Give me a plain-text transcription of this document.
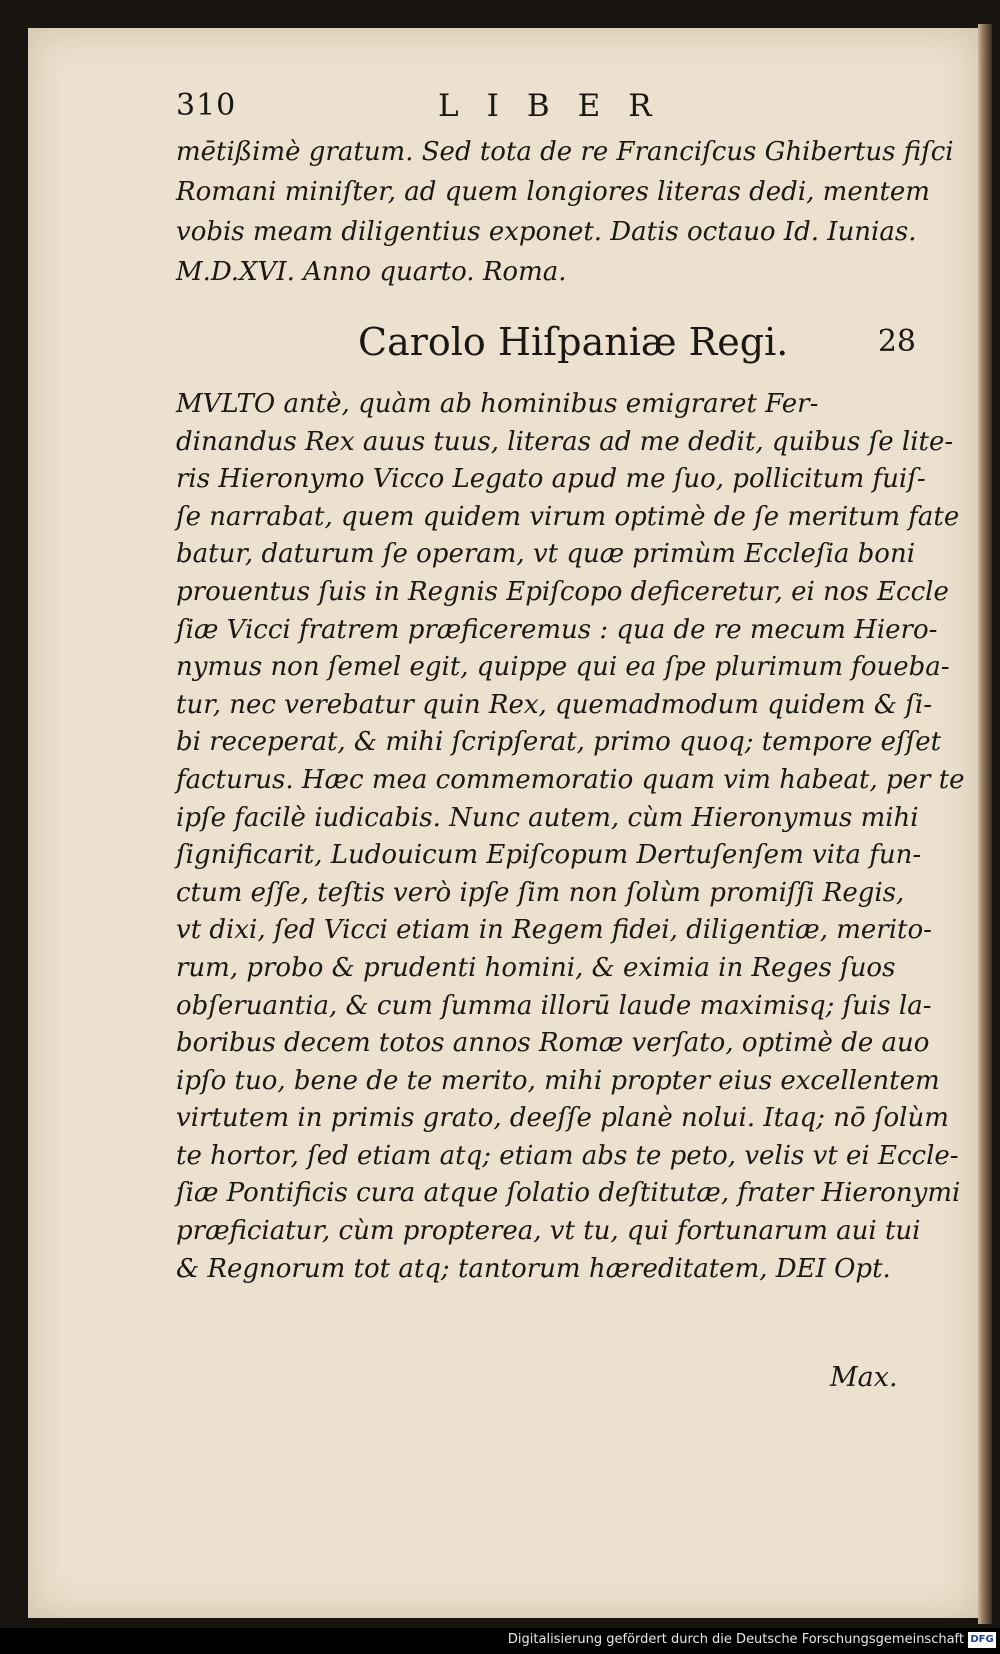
310	LIBER
mētißimè gratum. Sed tota de re Franciſcus Ghibertus fiſci
Romani miniſter, ad quem longiores literas dedi, mentem
vobis meam diligentius exponet. Datis octauo Id. Iunias.
M.D.XVI. Anno quarto. Roma.
Carolo Hiſpaniæ Regi.	28
MVLTO antè, quàm ab hominibus emigraret Fer-
dinandus Rex auus tuus, literas ad me dedit, quibus ſe lite-
ris Hieronymo Vicco Legato apud me ſuo, pollicitum fuiſ-
ſe narrabat, quem quidem virum optimè de ſe meritum fate
batur, daturum ſe operam, vt quæ primùm Eccleſia boni
prouentus ſuis in Regnis Epiſcopo deficeretur, ei nos Eccle
ſiæ Vicci fratrem præficeremus : qua de re mecum Hiero-
nymus non ſemel egit, quippe qui ea ſpe plurimum foueba-
tur, nec verebatur quin Rex, quemadmodum quidem & ſi-
bi receperat, & mihi ſcripſerat, primo quoq; tempore eſſet
facturus. Hæc mea commemoratio quam vim habeat, per te
ipſe facilè iudicabis. Nunc autem, cùm Hieronymus mihi
ſignificarit, Ludouicum Epiſcopum Dertuſenſem vita fun-
ctum eſſe, teſtis verò ipſe ſim non ſolùm promiſſi Regis,
vt dixi, ſed Vicci etiam in Regem fidei, diligentiæ, merito-
rum, probo & prudenti homini, & eximia in Reges ſuos
obſeruantia, & cum ſumma illorū laude maximisq; ſuis la-
boribus decem totos annos Romæ verſato, optimè de auo
ipſo tuo, bene de te merito, mihi propter eius excellentem
virtutem in primis grato, deeſſe planè nolui. Itaq; nō ſolùm
te hortor, ſed etiam atq; etiam abs te peto, velis vt ei Eccle-
ſiæ Pontificis cura atque ſolatio deſtitutæ, frater Hieronymi
præficiatur, cùm propterea, vt tu, qui fortunarum aui tui
& Regnorum tot atq; tantorum hæreditatem, DEI Opt.
Max.
Digitalisierung gefördert durch die Deutsche Forschungsgemeinschaft DFG
